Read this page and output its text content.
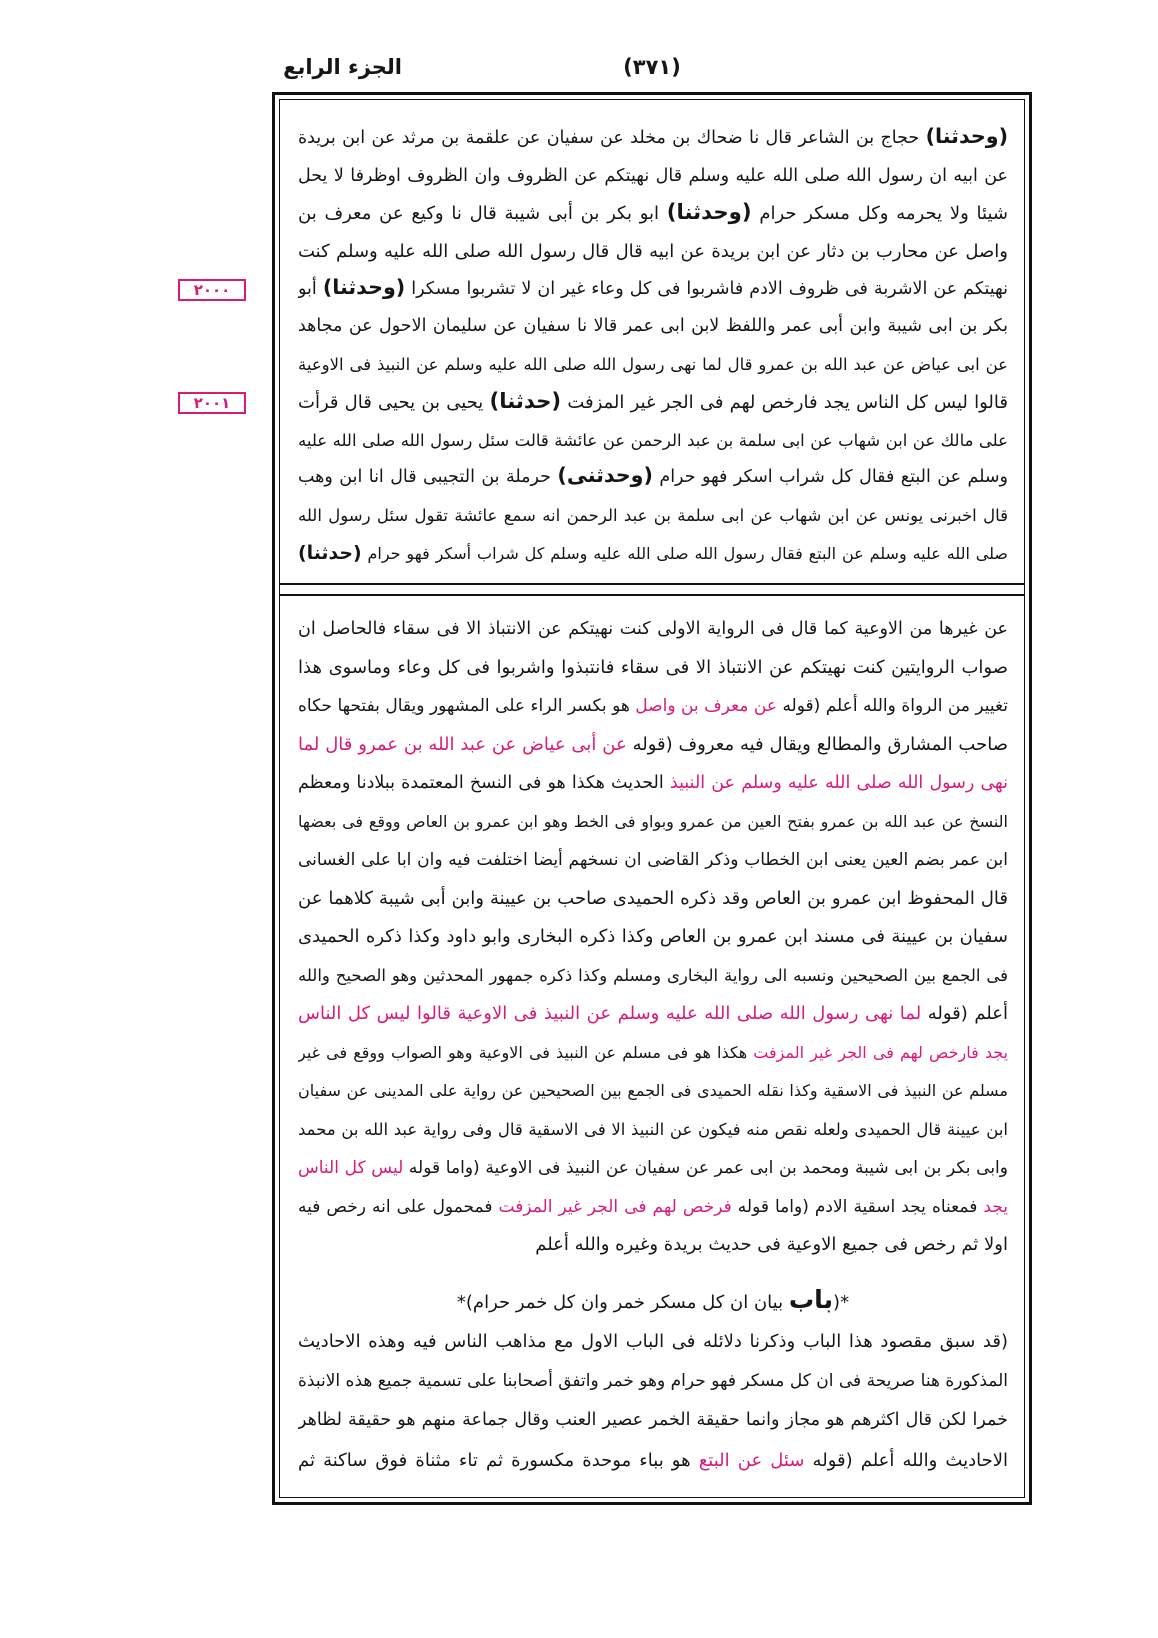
الجزء الرابع	(٣٧١)
٢٠٠٠
٢٠٠١
(وحدثنا) حجاج بن الشاعر قال نا ضحاك بن مخلد عن سفيان عن علقمة بن مرثد عن ابن بريدة
عن ابيه ان رسول الله صلى الله عليه وسلم قال نهيتكم عن الظروف وان الظروف اوظرفا لا يحل
شيئا ولا يحرمه وكل مسكر حرام (وحدثنا) ابو بكر بن أبى شيبة قال نا وكيع عن معرف بن
واصل عن محارب بن دثار عن ابن بريدة عن ابيه قال قال رسول الله صلى الله عليه وسلم كنت
نهيتكم عن الاشربة فى ظروف الادم فاشربوا فى كل وعاء غير ان لا تشربوا مسكرا (وحدثنا) أبو
بكر بن ابى شيبة وابن أبى عمر واللفظ لابن ابى عمر قالا نا سفيان عن سليمان الاحول عن مجاهد
عن ابى عياض عن عبد الله بن عمرو قال لما نهى رسول الله صلى الله عليه وسلم عن النبيذ فى الاوعية
قالوا ليس كل الناس يجد فارخص لهم فى الجر غير المزفت (حدثنا) يحيى بن يحيى قال قرأت
على مالك عن ابن شهاب عن ابى سلمة بن عبد الرحمن عن عائشة قالت سئل رسول الله صلى الله عليه
وسلم عن البتع فقال كل شراب اسكر فهو حرام (وحدثنى) حرملة بن التجيبى قال انا ابن وهب
قال اخبرنى يونس عن ابن شهاب عن ابى سلمة بن عبد الرحمن انه سمع عائشة تقول سئل رسول الله
صلى الله عليه وسلم عن البتع فقال رسول الله صلى الله عليه وسلم كل شراب أسكر فهو حرام (حدثنا)
عن غيرها من الاوعية كما قال فى الرواية الاولى كنت نهيتكم عن الانتباذ الا فى سقاء فالحاصل ان
صواب الروايتين كنت نهيتكم عن الانتباذ الا فى سقاء فانتبذوا واشربوا فى كل وعاء وماسوى هذا
تغيير من الرواة والله أعلم (قوله عن معرف بن واصل هو بكسر الراء على المشهور ويقال بفتحها حكاه
صاحب المشارق والمطالع ويقال فيه معروف (قوله عن أبى عياض عن عبد الله بن عمرو قال لما
نهى رسول الله صلى الله عليه وسلم عن النبيذ الحديث هكذا هو فى النسخ المعتمدة ببلادنا ومعظم
النسخ عن عبد الله بن عمرو بفتح العين من عمرو وبواو فى الخط وهو ابن عمرو بن العاص ووقع فى بعضها
ابن عمر بضم العين يعنى ابن الخطاب وذكر القاضى ان نسخهم أيضا اختلفت فيه وان ابا على الغسانى
قال المحفوظ ابن عمرو بن العاص وقد ذكره الحميدى صاحب بن عيينة وابن أبى شيبة كلاهما عن
سفيان بن عيينة فى مسند ابن عمرو بن العاص وكذا ذكره البخارى وابو داود وكذا ذكره الحميدى
فى الجمع بين الصحيحين ونسبه الى رواية البخارى ومسلم وكذا ذكره جمهور المحدثين وهو الصحيح والله
أعلم (قوله لما نهى رسول الله صلى الله عليه وسلم عن النبيذ فى الاوعية قالوا ليس كل الناس
يجد فارخص لهم فى الجر غير المزفت هكذا هو فى مسلم عن النبيذ فى الاوعية وهو الصواب ووقع فى غير
مسلم عن النبيذ فى الاسقية وكذا نقله الحميدى فى الجمع بين الصحيحين عن رواية على المدينى عن سفيان
ابن عيينة قال الحميدى ولعله نقص منه فيكون عن النبيذ الا فى الاسقية قال وفى رواية عبد الله بن محمد
وابى بكر بن ابى شيبة ومحمد بن ابى عمر عن سفيان عن النبيذ فى الاوعية (واما قوله ليس كل الناس
يجد فمعناه يجد اسقية الادم (واما قوله فرخص لهم فى الجر غير المزفت فمحمول على انه رخص فيه
اولا ثم رخص فى جميع الاوعية فى حديث بريدة وغيره والله أعلم
*(باب بيان ان كل مسكر خمر وان كل خمر حرام)*
(قد سبق مقصود هذا الباب وذكرنا دلائله فى الباب الاول مع مذاهب الناس فيه وهذه الاحاديث
المذكورة هنا صريحة فى ان كل مسكر فهو حرام وهو خمر واتفق أصحابنا على تسمية جميع هذه الانبذة
خمرا لكن قال اكثرهم هو مجاز وانما حقيقة الخمر عصير العنب وقال جماعة منهم هو حقيقة لظاهر
الاحاديث والله أعلم (قوله سئل عن البتع هو بباء موحدة مكسورة ثم تاء مثناة فوق ساكنة ثم
